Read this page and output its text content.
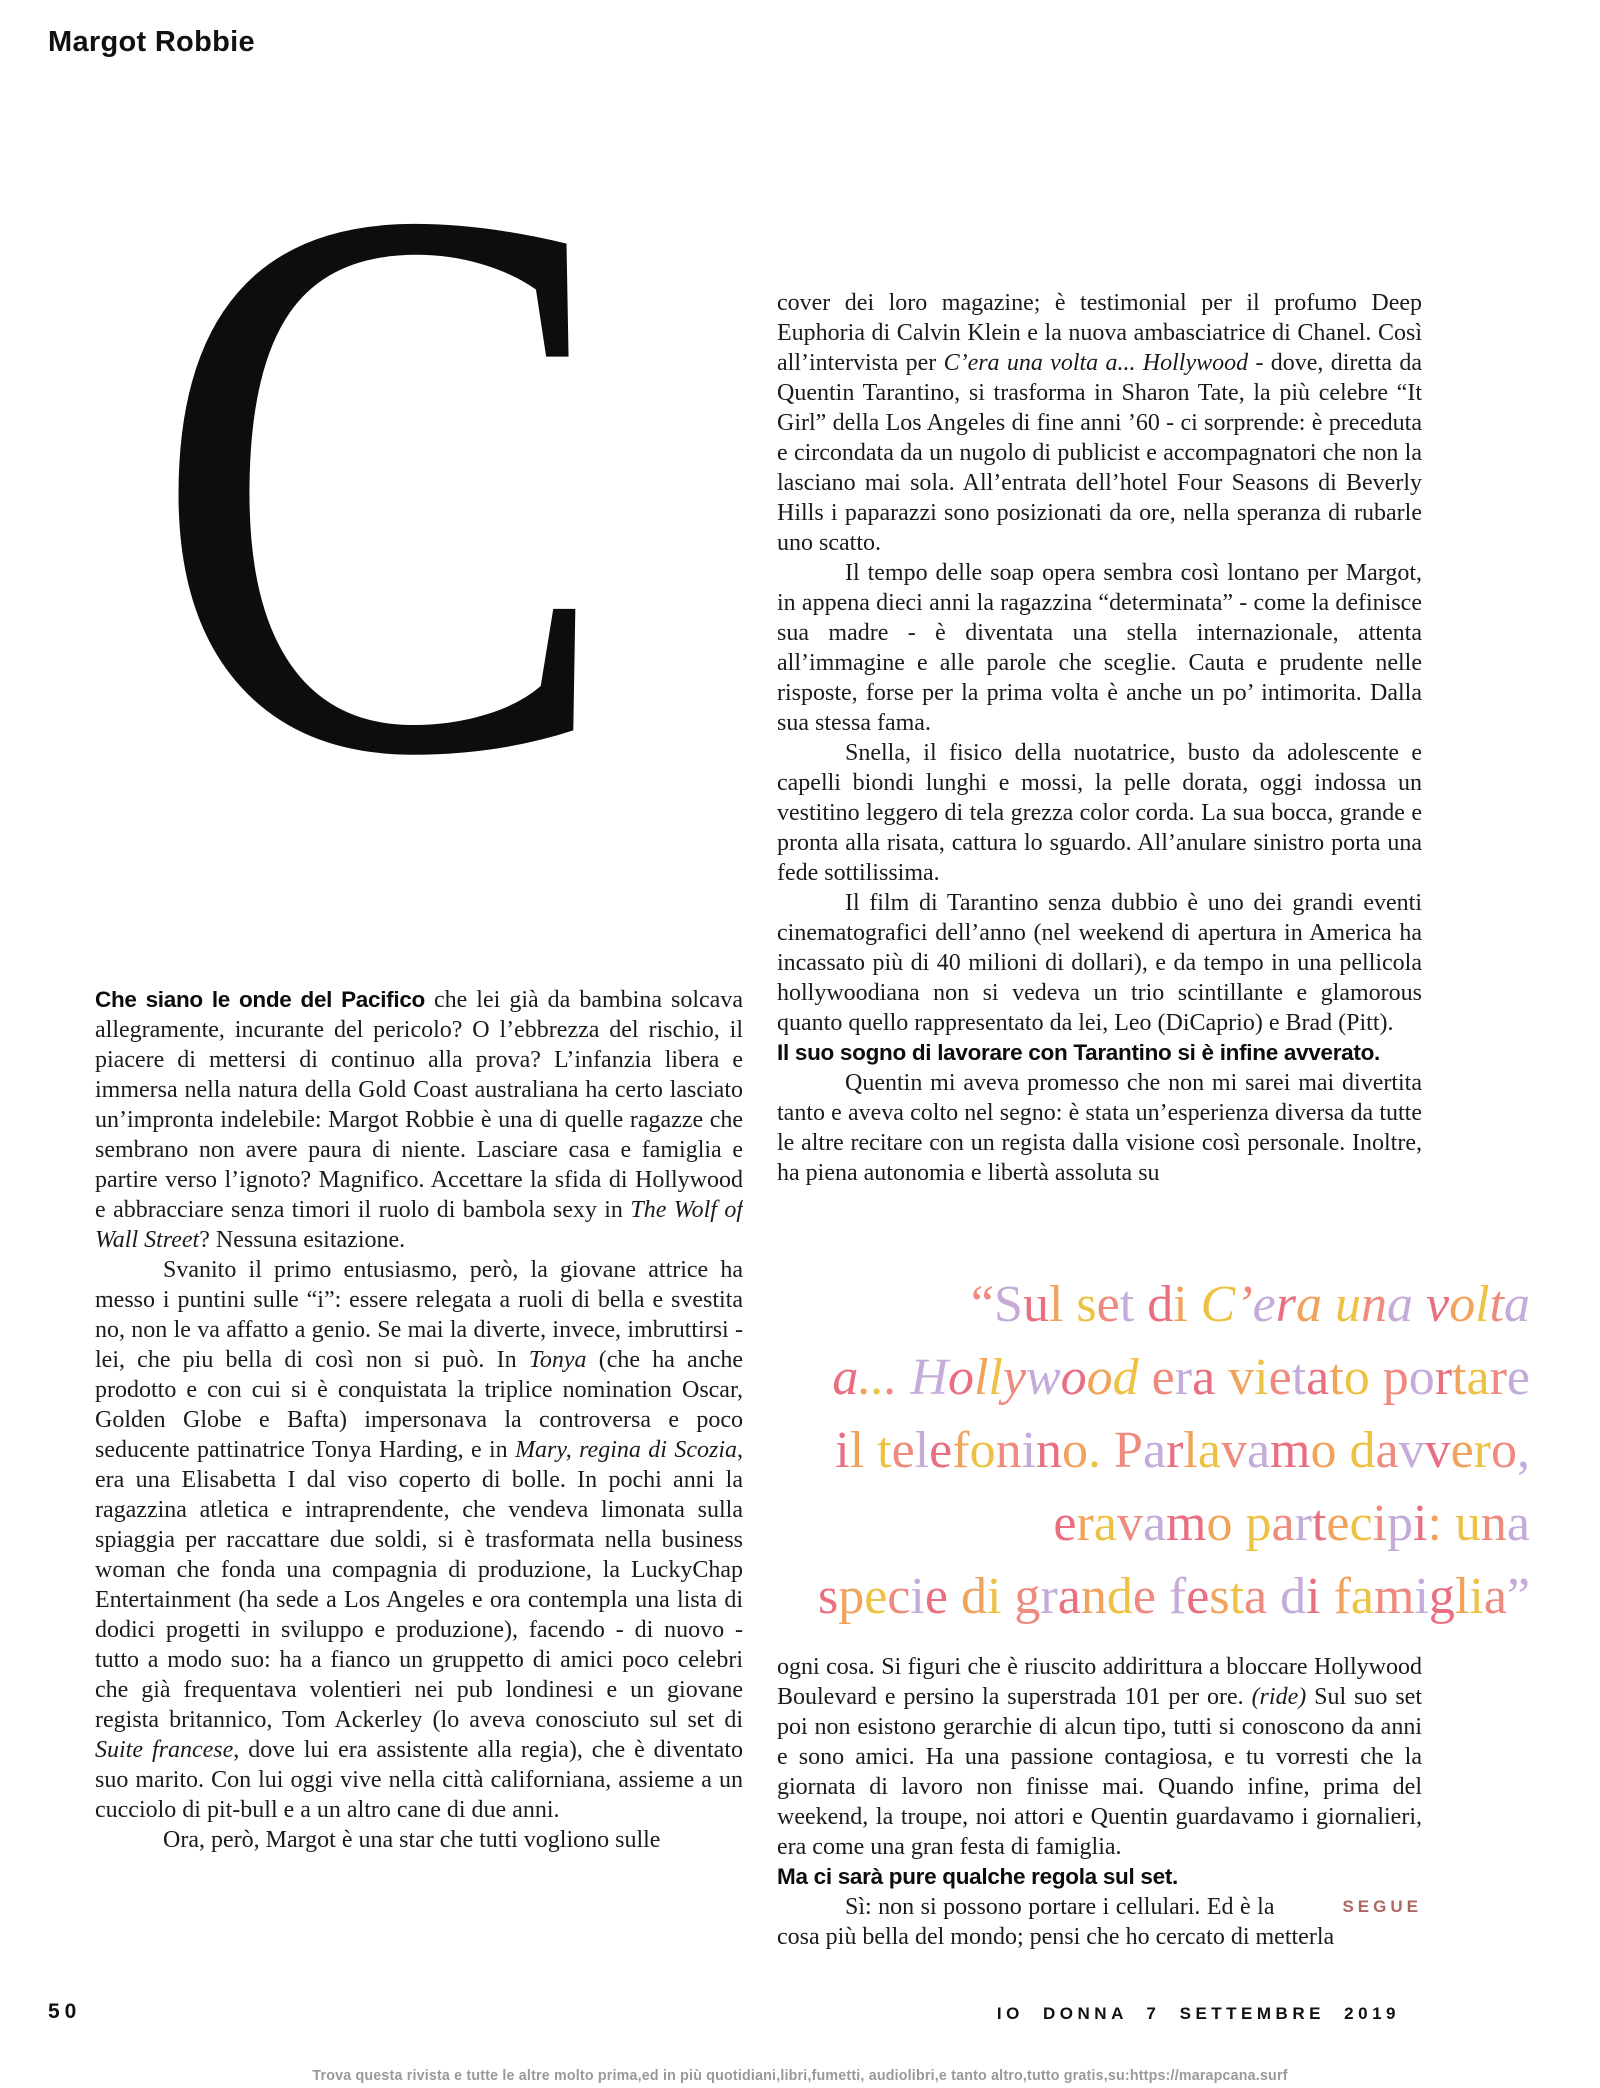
Margot Robbie
C

Che siano le onde del Pacifico che lei già da bambina solcava allegramente, incurante del pericolo? O l’ebbrezza del rischio, il piacere di mettersi di continuo alla prova? L’infanzia libera e immersa nella natura della Gold Coast australiana ha certo lasciato un’impronta indelebile: Margot Robbie è una di quelle ragazze che sembrano non avere paura di niente. Lasciare casa e famiglia e partire verso l’ignoto? Magnifico. Accettare la sfida di Hollywood e abbracciare senza timori il ruolo di bambola sexy in The Wolf of Wall Street? Nessuna esitazione.

Svanito il primo entusiasmo, però, la giovane attrice ha messo i puntini sulle “i”: essere relegata a ruoli di bella e svestita no, non le va affatto a genio. Se mai la diverte, invece, imbruttirsi - lei, che piu bella di così non si può. In Tonya (che ha anche prodotto e con cui si è conquistata la triplice nomination Oscar, Golden Globe e Bafta) impersonava la controversa e poco seducente pattinatrice Tonya Harding, e in Mary, regina di Scozia, era una Elisabetta I dal viso coperto di bolle. In pochi anni la ragazzina atletica e intraprendente, che vendeva limonata sulla spiaggia per raccattare due soldi, si è trasformata nella business woman che fonda una compagnia di produzione, la LuckyChap Entertainment (ha sede a Los Angeles e ora contempla una lista di dodici progetti in sviluppo e produzione), facendo - di nuovo - tutto a modo suo: ha a fianco un gruppetto di amici poco celebri che già frequentava volentieri nei pub londinesi e un giovane regista britannico, Tom Ackerley (lo aveva conosciuto sul set di Suite francese, dove lui era assistente alla regia), che è diventato suo marito. Con lui oggi vive nella città californiana, assieme a un cucciolo di pit-bull e a un altro cane di due anni.

Ora, però, Margot è una star che tutti vogliono sulle

cover dei loro magazine; è testimonial per il profumo Deep Euphoria di Calvin Klein e la nuova ambasciatrice di Chanel. Così all’intervista per C’era una volta a... Hollywood - dove, diretta da Quentin Tarantino, si trasforma in Sharon Tate, la più celebre “It Girl” della Los Angeles di fine anni ’60 - ci sorprende: è preceduta e circondata da un nugolo di publicist e accompagnatori che non la lasciano mai sola. All’entrata dell’hotel Four Seasons di Beverly Hills i paparazzi sono posizionati da ore, nella speranza di rubarle uno scatto.

Il tempo delle soap opera sembra così lontano per Margot, in appena dieci anni la ragazzina “determinata” - come la definisce sua madre - è diventata una stella internazionale, attenta all’immagine e alle parole che sceglie. Cauta e prudente nelle risposte, forse per la prima volta è anche un po’ intimorita. Dalla sua stessa fama.

Snella, il fisico della nuotatrice, busto da adolescente e capelli biondi lunghi e mossi, la pelle dorata, oggi indossa un vestitino leggero di tela grezza color corda. La sua bocca, grande e pronta alla risata, cattura lo sguardo. All’anulare sinistro porta una fede sottilissima.

Il film di Tarantino senza dubbio è uno dei grandi eventi cinematografici dell’anno (nel weekend di apertura in America ha incassato più di 40 milioni di dollari), e da tempo in una pellicola hollywoodiana non si vedeva un trio scintillante e glamorous quanto quello rappresentato da lei, Leo (DiCaprio) e Brad (Pitt).

Il suo sogno di lavorare con Tarantino si è infine avverato.

Quentin mi aveva promesso che non mi sarei mai divertita tanto e aveva colto nel segno: è stata un’esperienza diversa da tutte le altre recitare con un regista dalla visione così personale. Inoltre, ha piena autonomia e libertà assoluta su

“Sul set di C’era una volta
a... Hollywood era vietato portare
il telefonino. Parlavamo davvero,
eravamo partecipi: una
specie di grande festa di famiglia”

ogni cosa. Si figuri che è riuscito addirittura a bloccare Hollywood Boulevard e persino la superstrada 101 per ore. (ride) Sul suo set poi non esistono gerarchie di alcun tipo, tutti si conoscono da anni e sono amici. Ha una passione contagiosa, e tu vorresti che la giornata di lavoro non finisse mai. Quando infine, prima del weekend, la troupe, noi attori e Quentin guardavamo i giornalieri, era come una gran festa di famiglia.

Ma ci sarà pure qualche regola sul set.

SEGUE
Sì: non si possono portare i cellulari. Ed è la cosa più bella del mondo; pensi che ho cercato di metterla

50	IO DONNA 7 SETTEMBRE 2019
Trova questa rivista e tutte le altre molto prima,ed in più quotidiani,libri,fumetti, audiolibri,e tanto altro,tutto gratis,su:https://marapcana.surf
